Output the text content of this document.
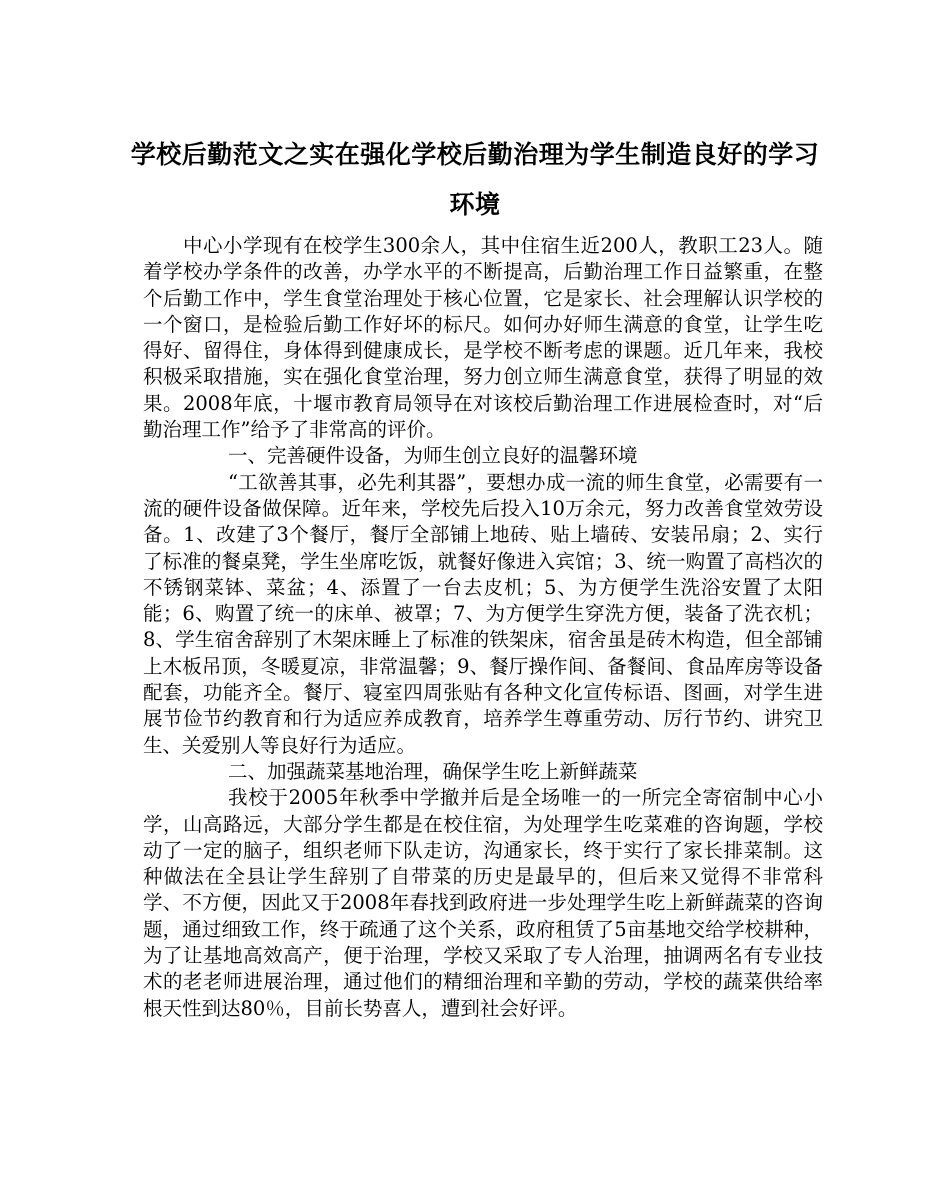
学校后勤范文之实在强化学校后勤治理为学生制造良好的学习环境

中心小学现有在校学生300余人，其中住宿生近200人，教职工23人。随着学校办学条件的改善，办学水平的不断提高，后勤治理工作日益繁重，在整个后勤工作中，学生食堂治理处于核心位置，它是家长、社会理解认识学校的一个窗口，是检验后勤工作好坏的标尺。如何办好师生满意的食堂，让学生吃得好、留得住，身体得到健康成长，是学校不断考虑的课题。近几年来，我校积极采取措施，实在强化食堂治理，努力创立师生满意食堂，获得了明显的效果。2008年底，十堰市教育局领导在对该校后勤治理工作进展检查时，对“后勤治理工作”给予了非常高的评价。

一、完善硬件设备，为师生创立良好的温馨环境

“工欲善其事，必先利其器”，要想办成一流的师生食堂，必需要有一流的硬件设备做保障。近年来，学校先后投入10万余元，努力改善食堂效劳设备。1、改建了3个餐厅，餐厅全部铺上地砖、贴上墙砖、安装吊扇；2、实行了标准的餐桌凳，学生坐席吃饭，就餐好像进入宾馆；3、统一购置了高档次的不锈钢菜钵、菜盆；4、添置了一台去皮机；5、为方便学生洗浴安置了太阳能；6、购置了统一的床单、被罩；7、为方便学生穿洗方便，装备了洗衣机；8、学生宿舍辞别了木架床睡上了标准的铁架床，宿舍虽是砖木构造，但全部铺上木板吊顶，冬暖夏凉，非常温馨；9、餐厅操作间、备餐间、食品库房等设备配套，功能齐全。餐厅、寝室四周张贴有各种文化宣传标语、图画，对学生进展节俭节约教育和行为适应养成教育，培养学生尊重劳动、厉行节约、讲究卫生、关爱别人等良好行为适应。

二、加强蔬菜基地治理，确保学生吃上新鲜蔬菜

我校于2005年秋季中学撤并后是全场唯一的一所完全寄宿制中心小学，山高路远，大部分学生都是在校住宿，为处理学生吃菜难的咨询题，学校动了一定的脑子，组织老师下队走访，沟通家长，终于实行了家长排菜制。这种做法在全县让学生辞别了自带菜的历史是最早的，但后来又觉得不非常科学、不方便，因此又于2008年春找到政府进一步处理学生吃上新鲜蔬菜的咨询题，通过细致工作，终于疏通了这个关系，政府租赁了5亩基地交给学校耕种，为了让基地高效高产，便于治理，学校又采取了专人治理，抽调两名有专业技术的老老师进展治理，通过他们的精细治理和辛勤的劳动，学校的蔬菜供给率根天性到达80％，目前长势喜人，遭到社会好评。
